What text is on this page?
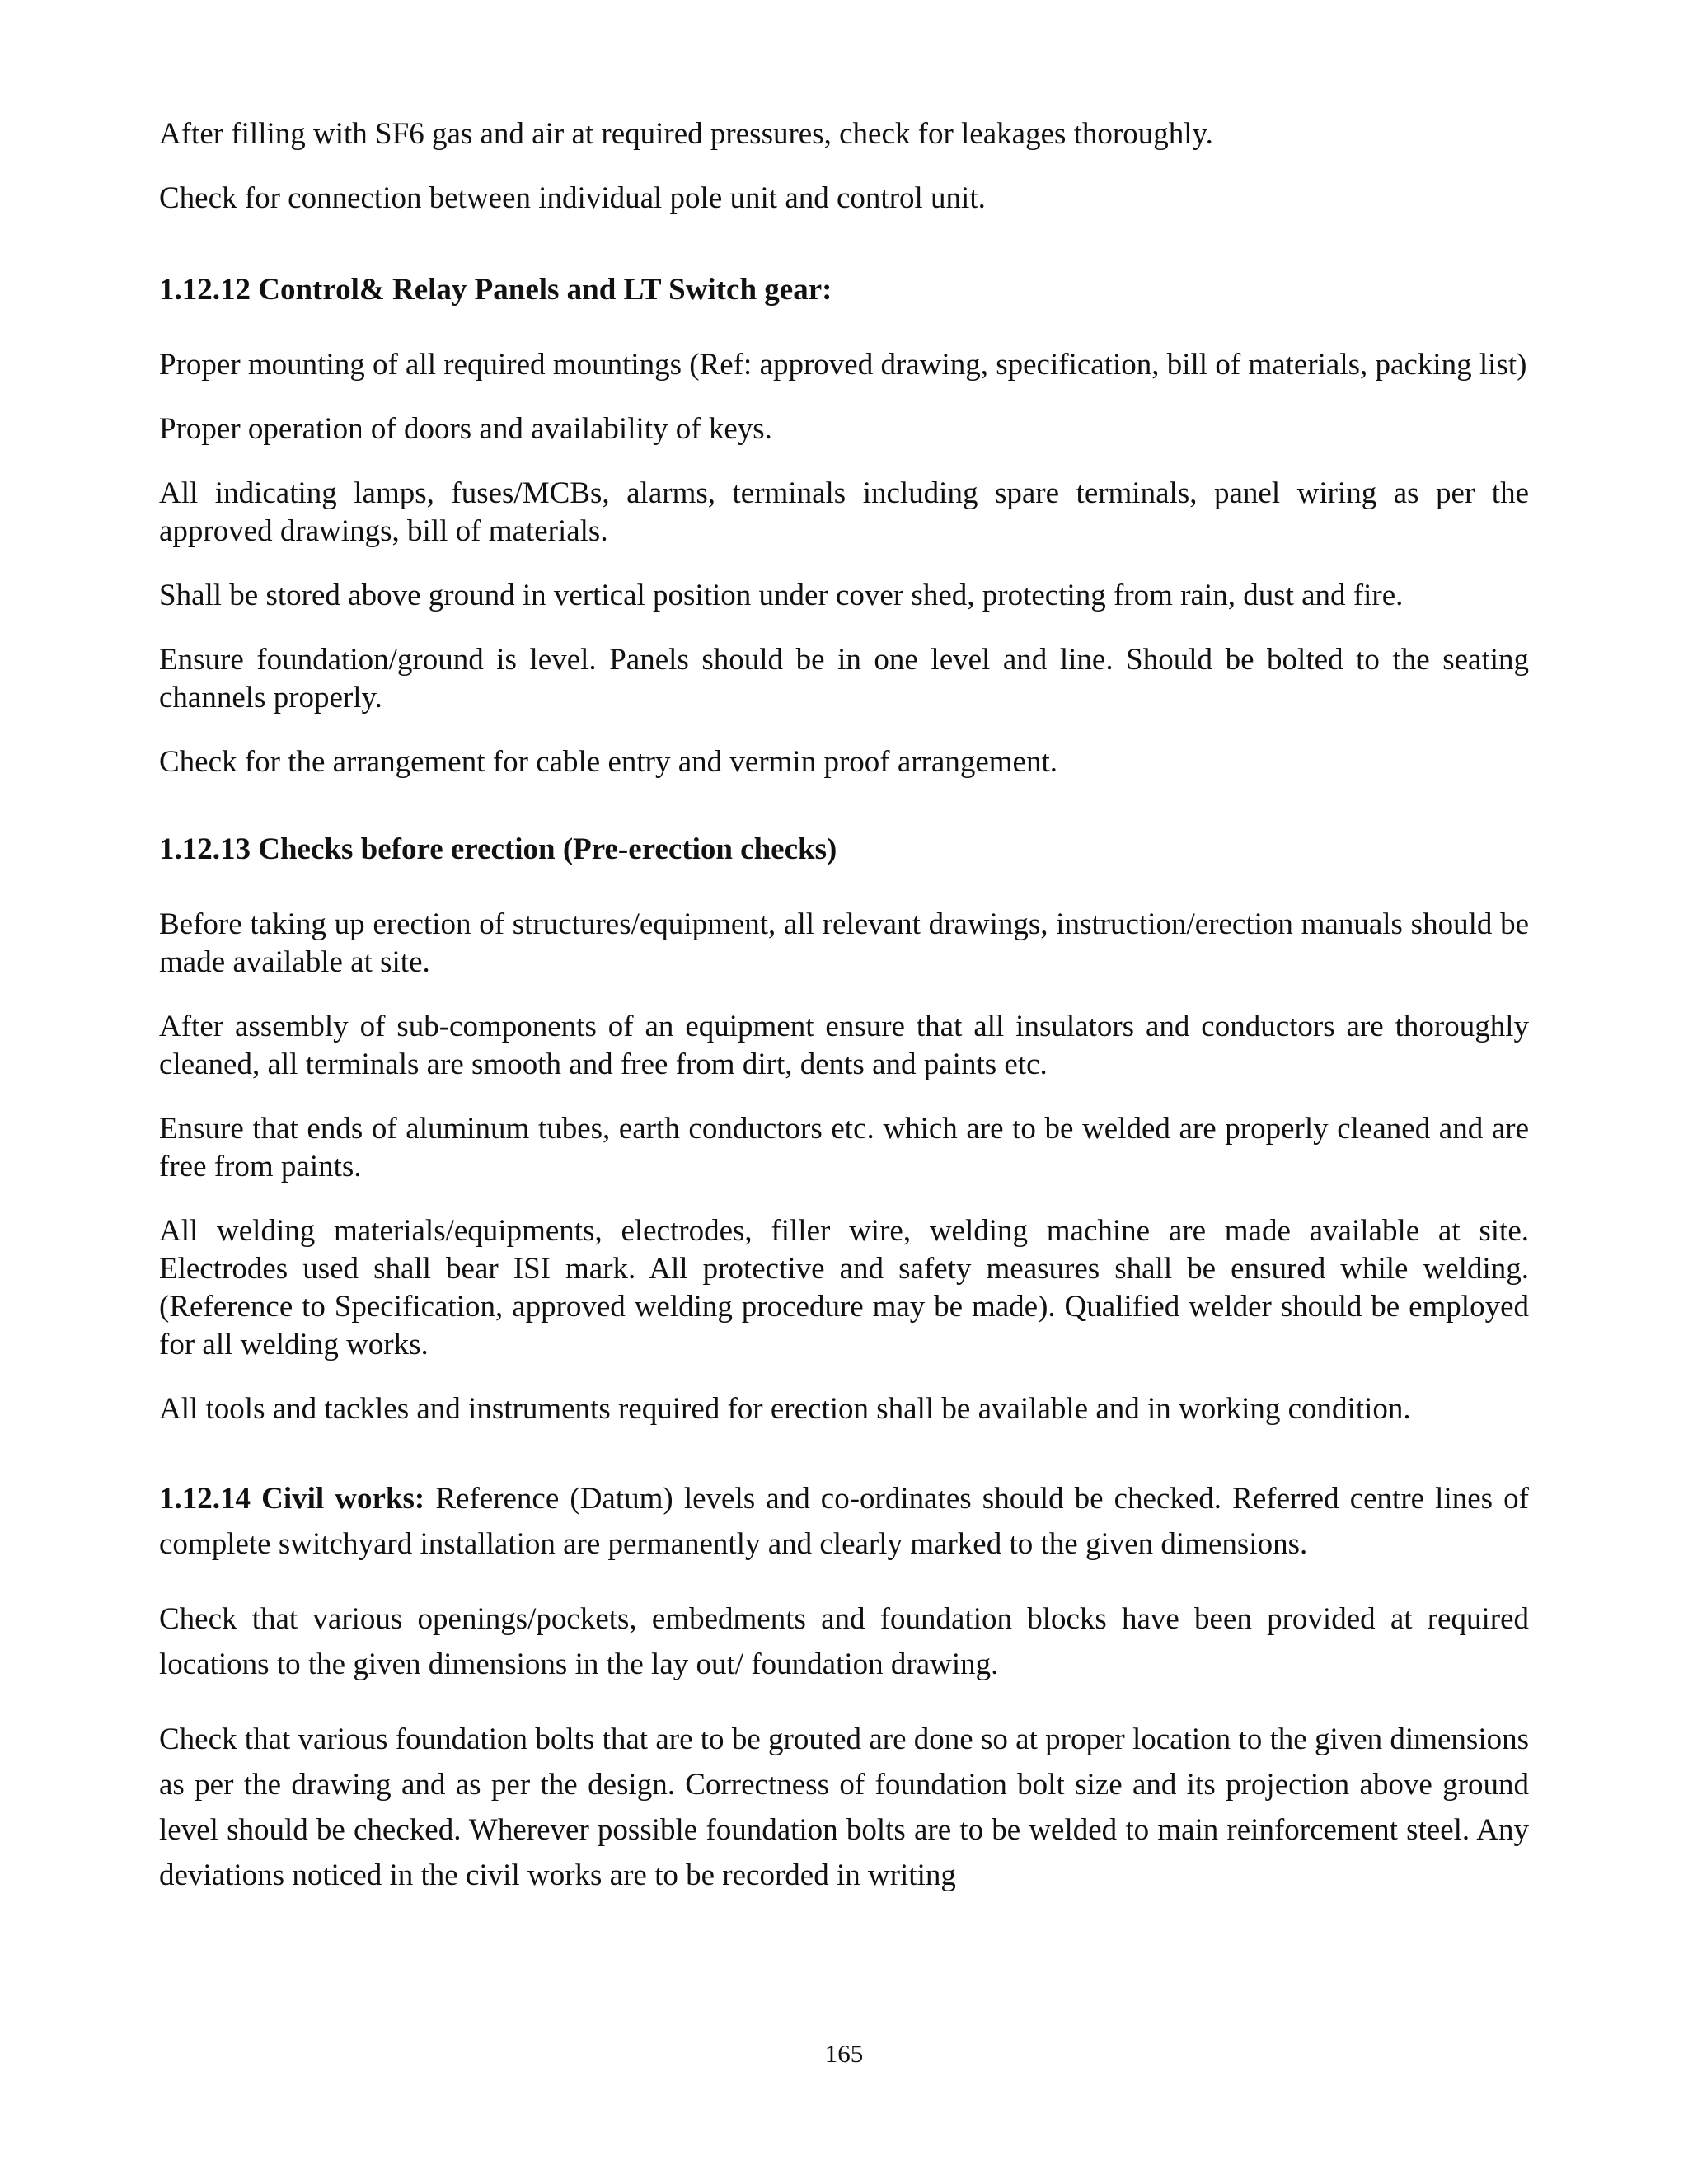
After filling with SF6 gas and air at required pressures, check for leakages thoroughly.

Check for connection between individual pole unit and control unit.

1.12.12 Control& Relay Panels and LT Switch gear:

Proper mounting of all required mountings (Ref: approved drawing, specification, bill of materials, packing list)

Proper operation of doors and availability of keys.

All indicating lamps, fuses/MCBs, alarms, terminals including spare terminals, panel wiring as per the approved drawings, bill of materials.

Shall be stored above ground in vertical position under cover shed, protecting from rain, dust and fire.

Ensure foundation/ground is level. Panels should be in one level and line. Should be bolted to the seating channels properly.

Check for the arrangement for cable entry and vermin proof arrangement.

1.12.13 Checks before erection (Pre-erection checks)

Before taking up erection of structures/equipment, all relevant drawings, instruction/erection manuals should be made available at site.

After assembly of sub-components of an equipment ensure that all insulators and conductors are thoroughly cleaned, all terminals are smooth and free from dirt, dents and paints etc.

Ensure that ends of aluminum tubes, earth conductors etc. which are to be welded are properly cleaned and are free from paints.

All welding materials/equipments, electrodes, filler wire, welding machine are made available at site. Electrodes used shall bear ISI mark. All protective and safety measures shall be ensured while welding. (Reference to Specification, approved welding procedure may be made). Qualified welder should be employed for all welding works.

All tools and tackles and instruments required for erection shall be available and in working condition.

1.12.14 Civil works: Reference (Datum) levels and co-ordinates should be checked. Referred centre lines of complete switchyard installation are permanently and clearly marked to the given dimensions.

Check that various openings/pockets, embedments and foundation blocks have been provided at required locations to the given dimensions in the lay out/ foundation drawing.

Check that various foundation bolts that are to be grouted are done so at proper location to the given dimensions as per the drawing and as per the design. Correctness of foundation bolt size and its projection above ground level should be checked. Wherever possible foundation bolts are to be welded to main reinforcement steel. Any deviations noticed in the civil works are to be recorded in writing

165
